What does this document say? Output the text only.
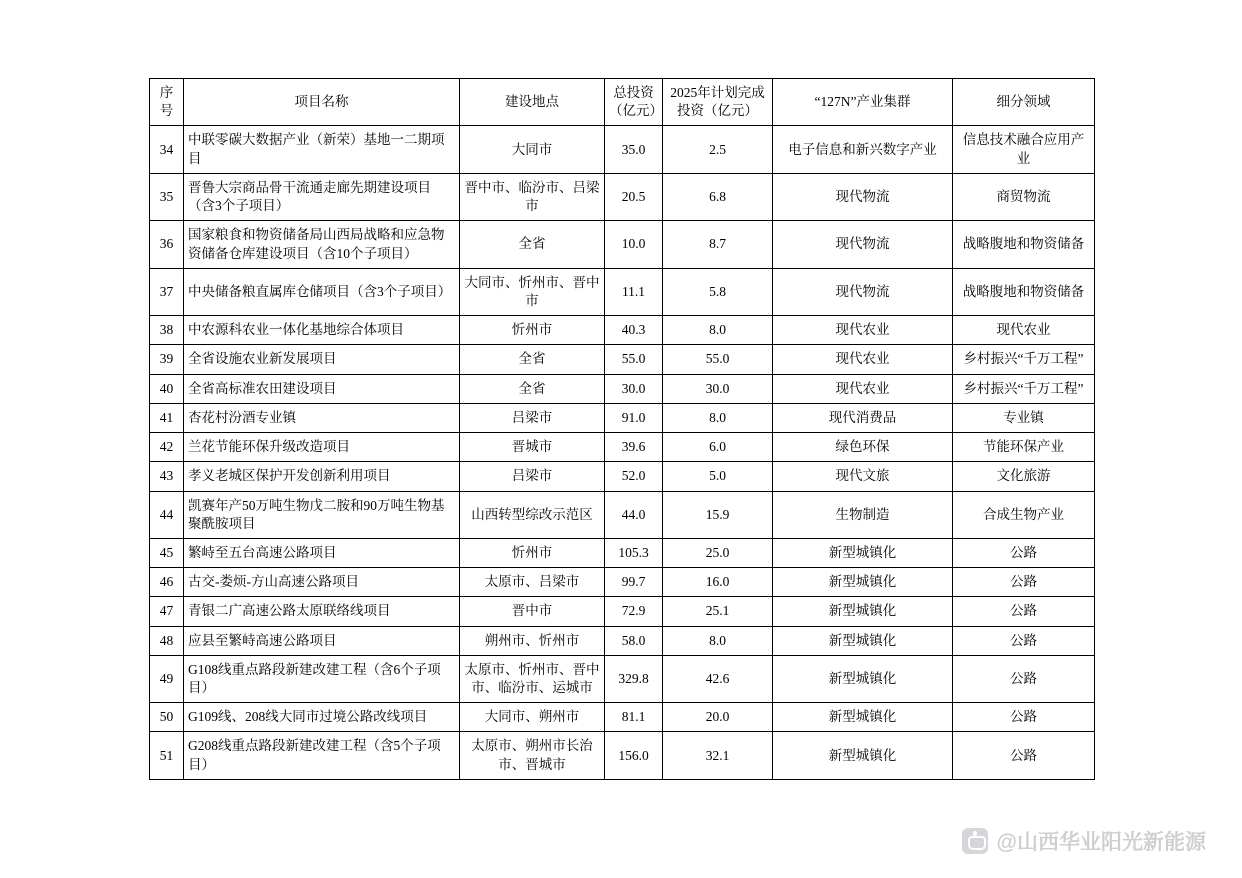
序号	项目名称	建设地点	总投资（亿元）	2025年计划完成投资（亿元）	“127N”产业集群	细分领域
34	中联零碳大数据产业（新荣）基地一二期项目	大同市	35.0	2.5	电子信息和新兴数字产业	信息技术融合应用产业
35	晋鲁大宗商品骨干流通走廊先期建设项目（含3个子项目）	晋中市、临汾市、吕梁市	20.5	6.8	现代物流	商贸物流
36	国家粮食和物资储备局山西局战略和应急物资储备仓库建设项目（含10个子项目）	全省	10.0	8.7	现代物流	战略腹地和物资储备
37	中央储备粮直属库仓储项目（含3个子项目）	大同市、忻州市、晋中市	11.1	5.8	现代物流	战略腹地和物资储备
38	中农源科农业一体化基地综合体项目	忻州市	40.3	8.0	现代农业	现代农业
39	全省设施农业新发展项目	全省	55.0	55.0	现代农业	乡村振兴“千万工程”
40	全省高标准农田建设项目	全省	30.0	30.0	现代农业	乡村振兴“千万工程”
41	杏花村汾酒专业镇	吕梁市	91.0	8.0	现代消费品	专业镇
42	兰花节能环保升级改造项目	晋城市	39.6	6.0	绿色环保	节能环保产业
43	孝义老城区保护开发创新利用项目	吕梁市	52.0	5.0	现代文旅	文化旅游
44	凯赛年产50万吨生物戊二胺和90万吨生物基聚酰胺项目	山西转型综改示范区	44.0	15.9	生物制造	合成生物产业
45	繁峙至五台高速公路项目	忻州市	105.3	25.0	新型城镇化	公路
46	古交-娄烦-方山高速公路项目	太原市、吕梁市	99.7	16.0	新型城镇化	公路
47	青银二广高速公路太原联络线项目	晋中市	72.9	25.1	新型城镇化	公路
48	应县至繁峙高速公路项目	朔州市、忻州市	58.0	8.0	新型城镇化	公路
49	G108线重点路段新建改建工程（含6个子项目）	太原市、忻州市、晋中市、临汾市、运城市	329.8	42.6	新型城镇化	公路
50	G109线、208线大同市过境公路改线项目	大同市、朔州市	81.1	20.0	新型城镇化	公路
51	G208线重点路段新建改建工程（含5个子项目）	太原市、朔州市长治市、晋城市	156.0	32.1	新型城镇化	公路
@山西华业阳光新能源
